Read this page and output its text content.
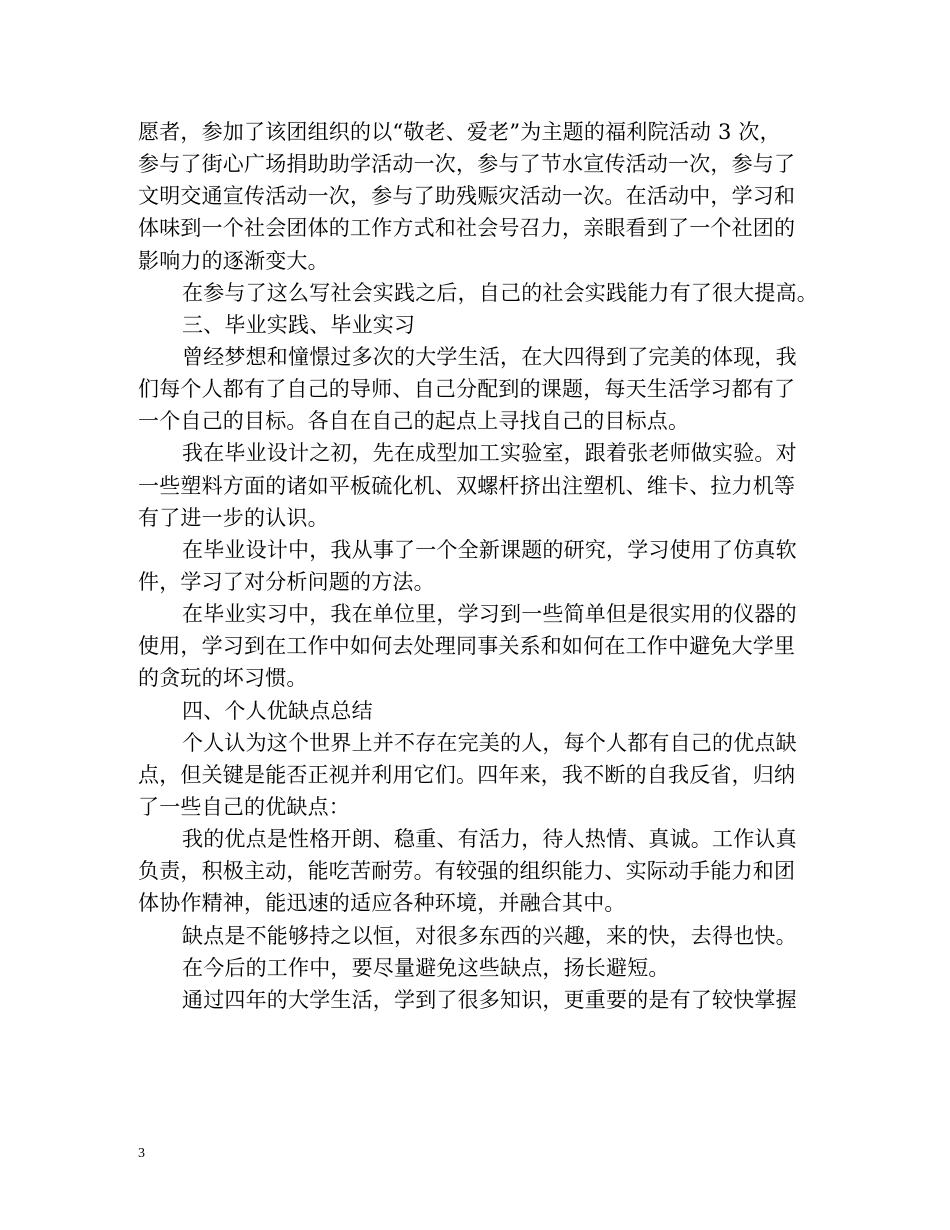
愿者，参加了该团组织的以“敬老、爱老”为主题的福利院活动 3 次，
参与了街心广场捐助助学活动一次，参与了节水宣传活动一次，参与了
文明交通宣传活动一次，参与了助残赈灾活动一次。在活动中，学习和
体味到一个社会团体的工作方式和社会号召力，亲眼看到了一个社团的
影响力的逐渐变大。
在参与了这么写社会实践之后，自己的社会实践能力有了很大提高。
三、毕业实践、毕业实习
曾经梦想和憧憬过多次的大学生活，在大四得到了完美的体现，我
们每个人都有了自己的导师、自己分配到的课题，每天生活学习都有了
一个自己的目标。各自在自己的起点上寻找自己的目标点。
我在毕业设计之初，先在成型加工实验室，跟着张老师做实验。对
一些塑料方面的诸如平板硫化机、双螺杆挤出注塑机、维卡、拉力机等
有了进一步的认识。
在毕业设计中，我从事了一个全新课题的研究，学习使用了仿真软
件，学习了对分析问题的方法。
在毕业实习中，我在单位里，学习到一些简单但是很实用的仪器的
使用，学习到在工作中如何去处理同事关系和如何在工作中避免大学里
的贪玩的坏习惯。
四、个人优缺点总结
个人认为这个世界上并不存在完美的人，每个人都有自己的优点缺
点，但关键是能否正视并利用它们。四年来，我不断的自我反省，归纳
了一些自己的优缺点：
我的优点是性格开朗、稳重、有活力，待人热情、真诚。工作认真
负责，积极主动，能吃苦耐劳。有较强的组织能力、实际动手能力和团
体协作精神，能迅速的适应各种环境，并融合其中。
缺点是不能够持之以恒，对很多东西的兴趣，来的快，去得也快。
在今后的工作中，要尽量避免这些缺点，扬长避短。
通过四年的大学生活，学到了很多知识，更重要的是有了较快掌握
3
